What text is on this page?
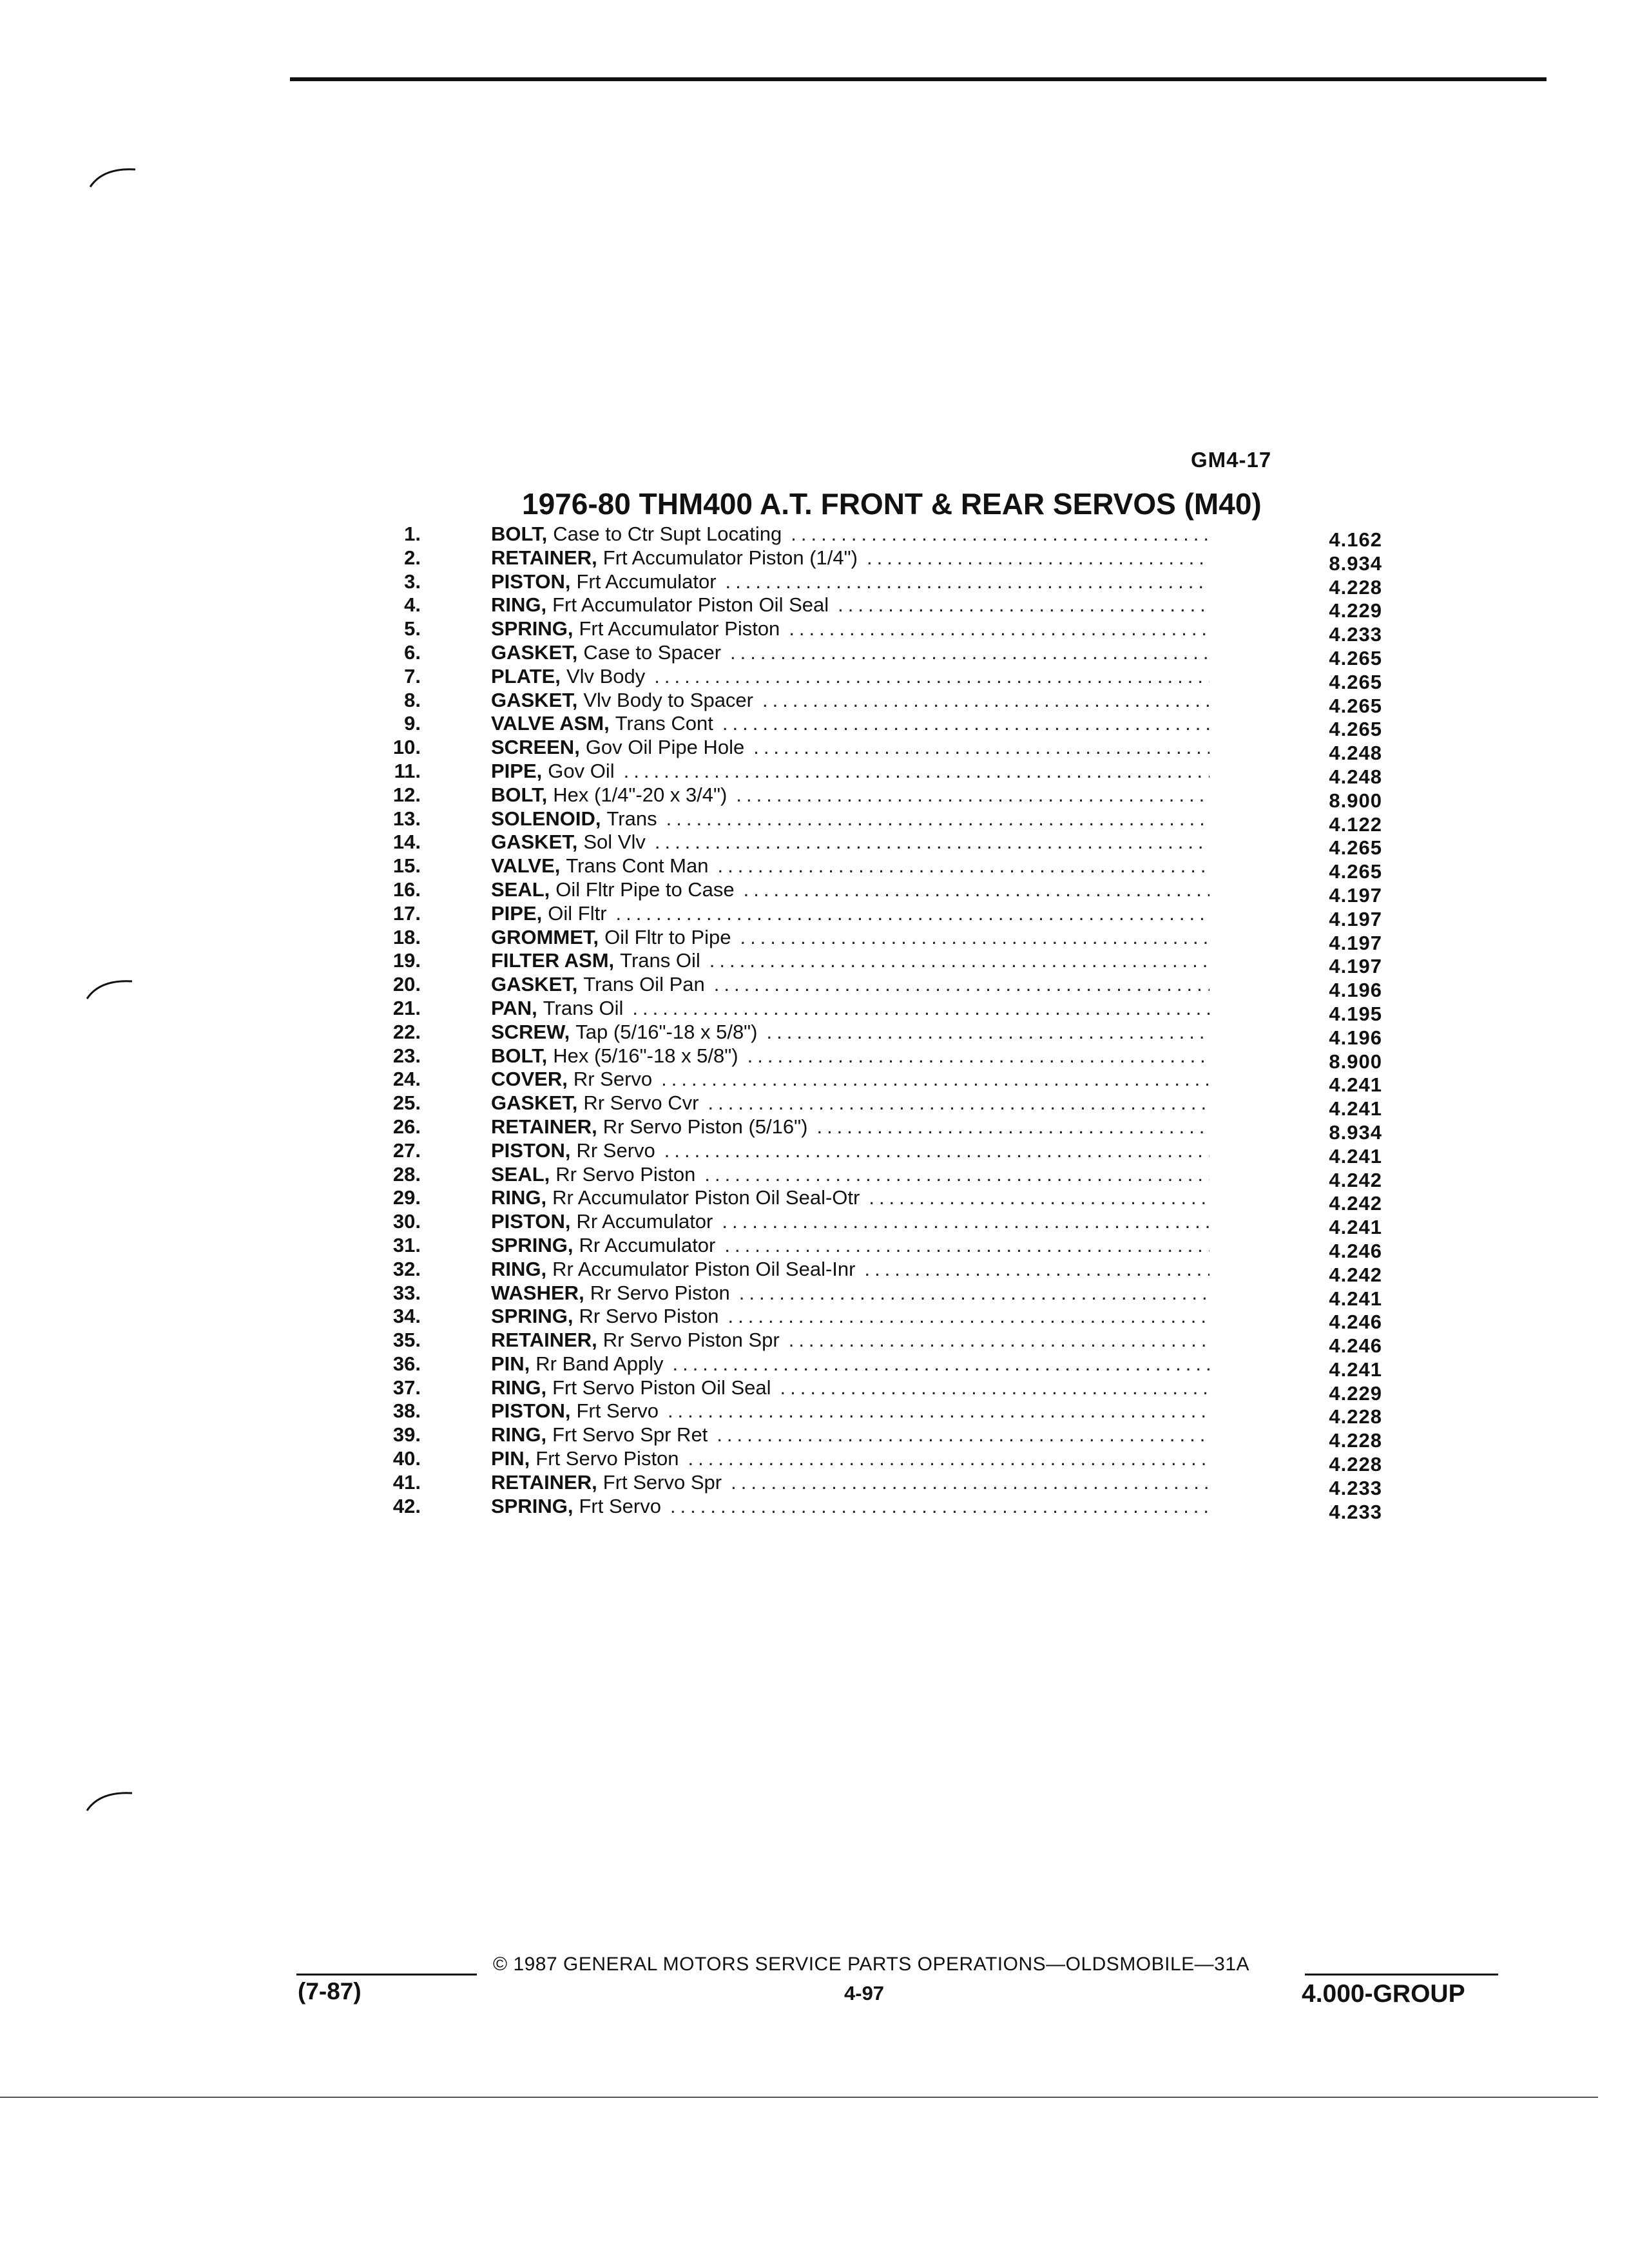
GM4-17
1976-80 THM400 A.T. FRONT & REAR SERVOS (M40)
1.	BOLT, Case to Ctr Supt Locating .....	4.162
2.	RETAINER, Frt Accumulator Piston (1/4") .....	8.934
3.	PISTON, Frt Accumulator .....	4.228
4.	RING, Frt Accumulator Piston Oil Seal .....	4.229
5.	SPRING, Frt Accumulator Piston .....	4.233
6.	GASKET, Case to Spacer .....	4.265
7.	PLATE, Vlv Body .....	4.265
8.	GASKET, Vlv Body to Spacer .....	4.265
9.	VALVE ASM, Trans Cont .....	4.265
10.	SCREEN, Gov Oil Pipe Hole .....	4.248
11.	PIPE, Gov Oil .....	4.248
12.	BOLT, Hex (1/4"-20 x 3/4") .....	8.900
13.	SOLENOID, Trans .....	4.122
14.	GASKET, Sol Vlv .....	4.265
15.	VALVE, Trans Cont Man .....	4.265
16.	SEAL, Oil Fltr Pipe to Case .....	4.197
17.	PIPE, Oil Fltr .....	4.197
18.	GROMMET, Oil Fltr to Pipe .....	4.197
19.	FILTER ASM, Trans Oil .....	4.197
20.	GASKET, Trans Oil Pan .....	4.196
21.	PAN, Trans Oil .....	4.195
22.	SCREW, Tap (5/16"-18 x 5/8") .....	4.196
23.	BOLT, Hex (5/16"-18 x 5/8") .....	8.900
24.	COVER, Rr Servo .....	4.241
25.	GASKET, Rr Servo Cvr .....	4.241
26.	RETAINER, Rr Servo Piston (5/16") .....	8.934
27.	PISTON, Rr Servo .....	4.241
28.	SEAL, Rr Servo Piston .....	4.242
29.	RING, Rr Accumulator Piston Oil Seal-Otr .....	4.242
30.	PISTON, Rr Accumulator .....	4.241
31.	SPRING, Rr Accumulator .....	4.246
32.	RING, Rr Accumulator Piston Oil Seal-Inr .....	4.242
33.	WASHER, Rr Servo Piston .....	4.241
34.	SPRING, Rr Servo Piston .....	4.246
35.	RETAINER, Rr Servo Piston Spr .....	4.246
36.	PIN, Rr Band Apply .....	4.241
37.	RING, Frt Servo Piston Oil Seal .....	4.229
38.	PISTON, Frt Servo .....	4.228
39.	RING, Frt Servo Spr Ret .....	4.228
40.	PIN, Frt Servo Piston .....	4.228
41.	RETAINER, Frt Servo Spr .....	4.233
42.	SPRING, Frt Servo .....	4.233
(7-87)
© 1987 GENERAL MOTORS SERVICE PARTS OPERATIONS—OLDSMOBILE—31A
4-97	4.000-GROUP
